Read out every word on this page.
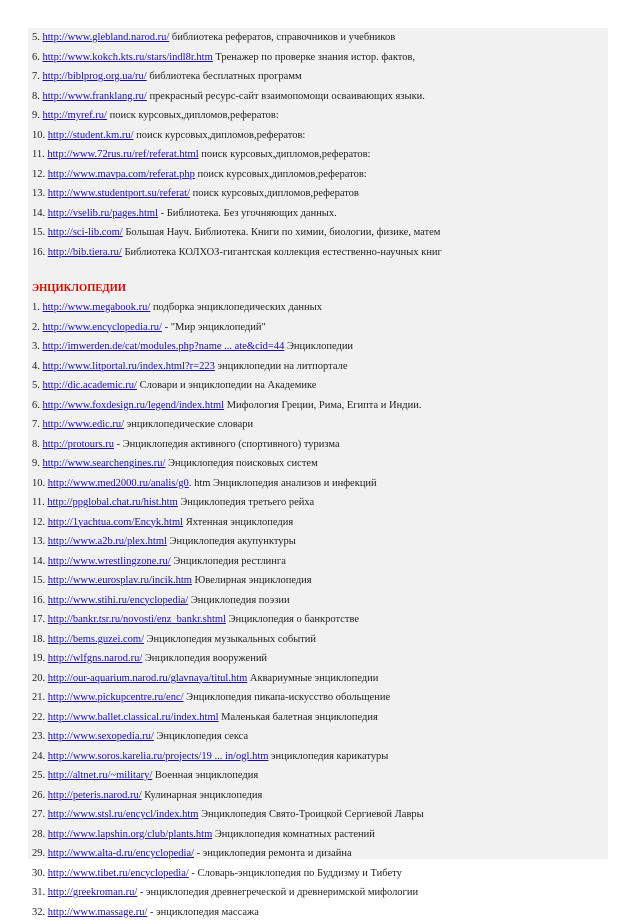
5. http://www.glebland.narod.ru/ библиотека рефератов, справочников и учебников
6. http://www.kokch.kts.ru/stars/indl8r.htm Тренажер по проверке знания истор. фактов,
7. http://biblprog.org.ua/ru/ библиотека бесплатных программ
8. http://www.franklang.ru/ прекрасный ресурс-сайт взаимопомощи осваивающих языки.
9. http://myref.ru/ поиск курсовых,дипломов,рефератов:
10. http://student.km.ru/ поиск курсовых,дипломов,рефератов:
11. http://www.72rus.ru/ref/referat.html поиск курсовых,дипломов,рефератов:
12. http://www.mavpa.com/referat.php поиск курсовых,дипломов,рефератов:
13. http://www.studentport.su/referat/ поиск курсовых,дипломов,рефератов
14. http://vselib.ru/pages.html - Библиотека. Без угочняющих данных.
15. http://sci-lib.com/ Большая Науч. Библиотека. Книги по химии, биологии, физике, матем
16. http://bib.tiera.ru/ Библиотека КОЛХОЗ-гигантская коллекция естественно-научных книг
ЭНЦИКЛОПЕДИИ
1. http://www.megabook.ru/ подборка энциклопедических данных
2. http://www.encyclopedia.ru/ - "Мир энциклопедий"
3. http://imwerden.de/cat/modules.php?name ... ate&cid=44 Энциклопедии
4. http://www.litportal.ru/index.html?r=223 энциклопедии на литпортале
5. http://dic.academic.ru/ Словари и энциклопедии на Академике
6. http://www.foxdesign.ru/legend/index.html Мифология Греции, Рима, Египта и Индии.
7. http://www.edic.ru/ энциклопедические словари
8. http://protours.ru - Энциклопедия активного (спортивного) туризма
9. http://www.searchengines.ru/ Энциклопедия поисковых систем
10. http://www.med2000.ru/analis/g0. htm Энциклопедия анализов и инфекций
11. http://ppglobal.chat.ru/hist.htm Энциклопедия третьего рейха
12. http://1yachtua.com/Encyk.html Яхтенная энциклопедия
13. http://www.a2b.ru/plex.html Энциклопедия акупунктуры
14. http://www.wrestlingzone.ru/ Энциклопедия рестлинга
15. http://www.eurosplav.ru/incik.htm Ювелирная энциклопедия
16. http://www.stihi.ru/encyclopedia/ Энциклопедия поэзии
17. http://bankr.tsr.ru/novosti/enz_bankr.shtml Энциклопедия о банкротстве
18. http://bems.guzei.com/ Энциклопедия музыкальных событий
19. http://wlfgns.narod.ru/ Энциклопедия вооружений
20. http://our-aquarium.narod.ru/glavnaya/titul.htm Аквариумные энциклопедии
21. http://www.pickupcentre.ru/enc/ Энциклопедия пикапа-искусство обольщение
22. http://www.ballet.classical.ru/index.html Маленькая балетная энциклопедия
23. http://www.sexopedia.ru/ Энциклопедия секса
24. http://www.soros.karelia.ru/projects/19 ... in/ogl.htm энциклопедия карикатуры
25. http://altnet.ru/~military/ Военная энциклопедия
26. http://peteris.narod.ru/ Кулинарная энциклопедия
27. http://www.stsl.ru/encycl/index.htm Энциклопедия Свято-Троицкой Сергиевой Лавры
28. http://www.lapshin.org/club/plants.htm Энциклопедия комнатных растений
29. http://www.alta-d.ru/encyclopedia/ - энциклопедия ремонта и дизайна
30. http://www.tibet.ru/encyclopedia/ - Словарь-энциклопедия по Буддизму и Тибету
31. http://greekroman.ru/ - энциклопедия древнегреческой и древнеримской мифологии
32. http://www.massage.ru/ - энциклопедия массажа
